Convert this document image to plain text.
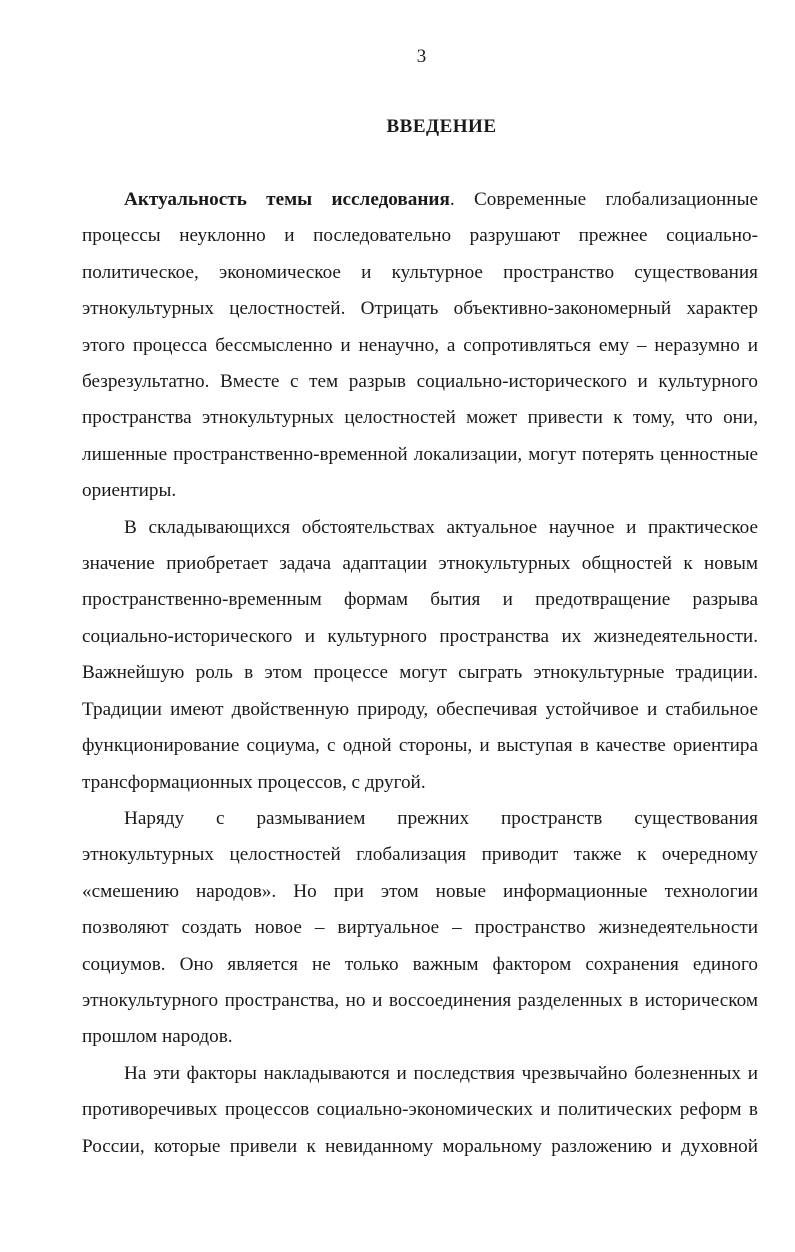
3
ВВЕДЕНИЕ

Актуальность темы исследования. Современные глобализационные процессы неуклонно и последовательно разрушают прежнее социально-политическое, экономическое и культурное пространство существования этнокультурных целостностей. Отрицать объективно-закономерный характер этого процесса бессмысленно и ненаучно, а сопротивляться ему – неразумно и безрезультатно. Вместе с тем разрыв социально-исторического и культурного пространства этнокультурных целостностей может привести к тому, что они, лишенные пространственно-временной локализации, могут потерять ценностные ориентиры.

В складывающихся обстоятельствах актуальное научное и практическое значение приобретает задача адаптации этнокультурных общностей к новым пространственно-временным формам бытия и предотвращение разрыва социально-исторического и культурного пространства их жизнедеятельности. Важнейшую роль в этом процессе могут сыграть этнокультурные традиции. Традиции имеют двойственную природу, обеспечивая устойчивое и стабильное функционирование социума, с одной стороны, и выступая в качестве ориентира трансформационных процессов, с другой.

Наряду с размыванием прежних пространств существования этнокультурных целостностей глобализация приводит также к очередному «смешению народов». Но при этом новые информационные технологии позволяют создать новое – виртуальное – пространство жизнедеятельности социумов. Оно является не только важным фактором сохранения единого этнокультурного пространства, но и воссоединения разделенных в историческом прошлом народов.

На эти факторы накладываются и последствия чрезвычайно болезненных и противоречивых процессов социально-экономических и политических реформ в России, которые привели к невиданному моральному разложению и духовной
